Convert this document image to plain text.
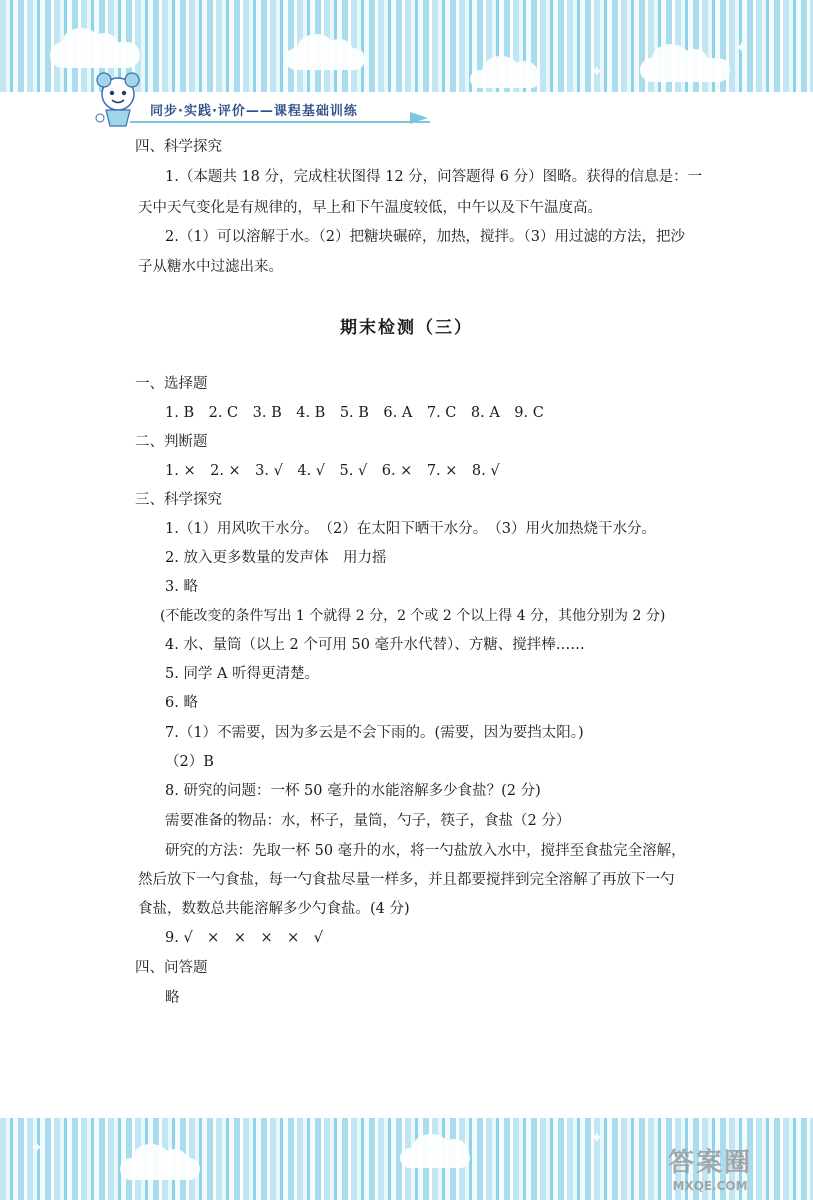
✦
✦
同步·实践·评价——课程基础训练
四、科学探究
1.（本题共 18 分，完成柱状图得 12 分，问答题得 6 分）图略。获得的信息是：一
天中天气变化是有规律的，早上和下午温度较低，中午以及下午温度高。
2.（1）可以溶解于水。（2）把糖块碾碎，加热，搅拌。（3）用过滤的方法，把沙
子从糖水中过滤出来。
期末检测（三）
一、选择题
1. B　2. C　3. B　4. B　5. B　6. A　7. C　8. A　9. C
二、判断题
1. ×　2. ×　3. √　4. √　5. √　6. ×　7. ×　8. √
三、科学探究
1.（1）用风吹干水分。　（2）在太阳下晒干水分。　（3）用火加热烧干水分。
2. 放入更多数量的发声体　用力摇
3. 略
(不能改变的条件写出 1 个就得 2 分，2 个或 2 个以上得 4 分，其他分别为 2 分)
4. 水、量筒（以上 2 个可用 50 毫升水代替）、方糖、搅拌棒……
5. 同学 A 听得更清楚。
6. 略
7.（1）不需要，因为多云是不会下雨的。(需要，因为要挡太阳。)
（2）B
8. 研究的问题：一杯 50 毫升的水能溶解多少食盐？(2 分)
需要准备的物品：水，杯子，量筒，勺子，筷子，食盐（2 分）
研究的方法：先取一杯 50 毫升的水，将一勺盐放入水中，搅拌至食盐完全溶解，
然后放下一勺食盐，每一勺食盐尽量一样多，并且都要搅拌到完全溶解了再放下一勺
食盐，数数总共能溶解多少勺食盐。(4 分)
9. √　×　×　×　×　√
四、问答题
略
✦
✦
答案圈
MXQE.COM
